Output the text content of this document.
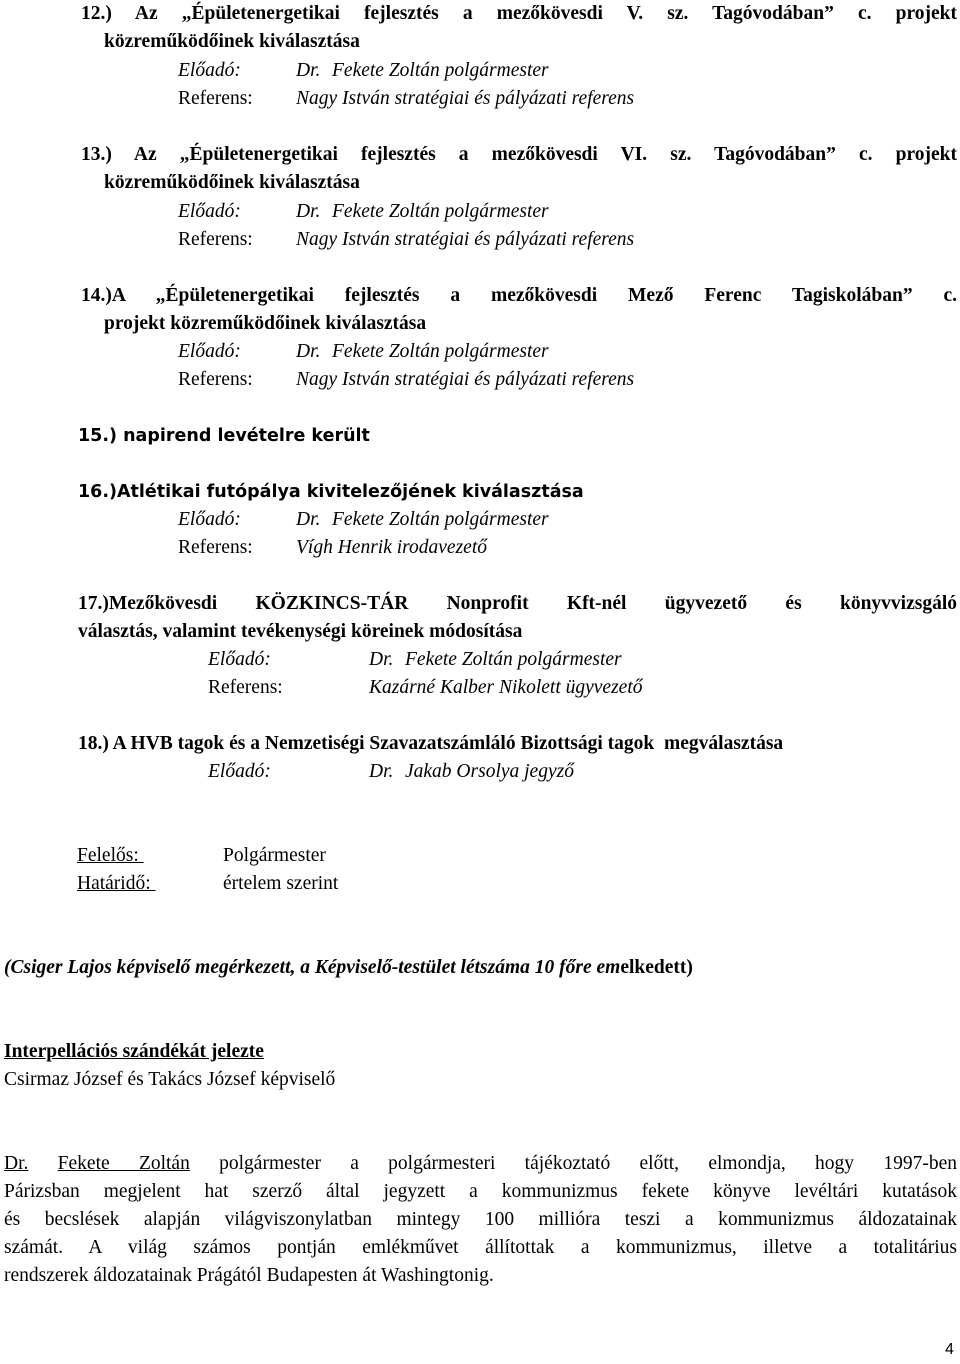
12.) Az „Épületenergetikai fejlesztés a mezőkövesdi V. sz. Tagóvodában” c. projekt
közreműködőinek kiválasztása
Előadó:	Dr. Fekete Zoltán polgármester
Referens: Nagy István stratégiai és pályázati referens
13.) Az „Épületenergetikai fejlesztés a mezőkövesdi VI. sz. Tagóvodában” c. projekt
közreműködőinek kiválasztása
Előadó:	Dr. Fekete Zoltán polgármester
Referens: Nagy István stratégiai és pályázati referens
14.)A „Épületenergetikai fejlesztés a mezőkövesdi Mező Ferenc Tagiskolában” c.
projekt közreműködőinek kiválasztása
Előadó:	Dr. Fekete Zoltán polgármester
Referens: Nagy István stratégiai és pályázati referens
15.) napirend levételre került
16.)Atlétikai futópálya kivitelezőjének kiválasztása
Előadó:	Dr. Fekete Zoltán polgármester
Referens: Vígh Henrik irodavezető
17.)Mezőkövesdi KÖZKINCS-TÁR Nonprofit Kft-nél ügyvezető és könyvvizsgáló
választás, valamint tevékenységi köreinek módosítása
Előadó:	Dr. Fekete Zoltán polgármester
Referens:	Kazárné Kalber Nikolett ügyvezető
18.) A HVB tagok és a Nemzetiségi Szavazatszámláló Bizottsági tagok  megválasztása
Előadó:	Dr. Jakab Orsolya jegyző
Felelős:	Polgármester
Határidő:	értelem szerint
(Csiger Lajos képviselő megérkezett, a Képviselő-testület létszáma 10 főre emelkedett)
Interpellációs szándékát jelezte
Csirmaz József és Takács József képviselő
Dr. Fekete Zoltán polgármester a polgármesteri tájékoztató előtt, elmondja, hogy 1997-ben
Párizsban megjelent hat szerző által jegyzett a kommunizmus fekete könyve levéltári kutatások
és becslések alapján világviszonylatban mintegy 100 millióra teszi a kommunizmus áldozatainak
számát. A világ számos pontján emlékművet állítottak a kommunizmus, illetve a totalitárius
rendszerek áldozatainak Prágától Budapesten át Washingtonig.
4
